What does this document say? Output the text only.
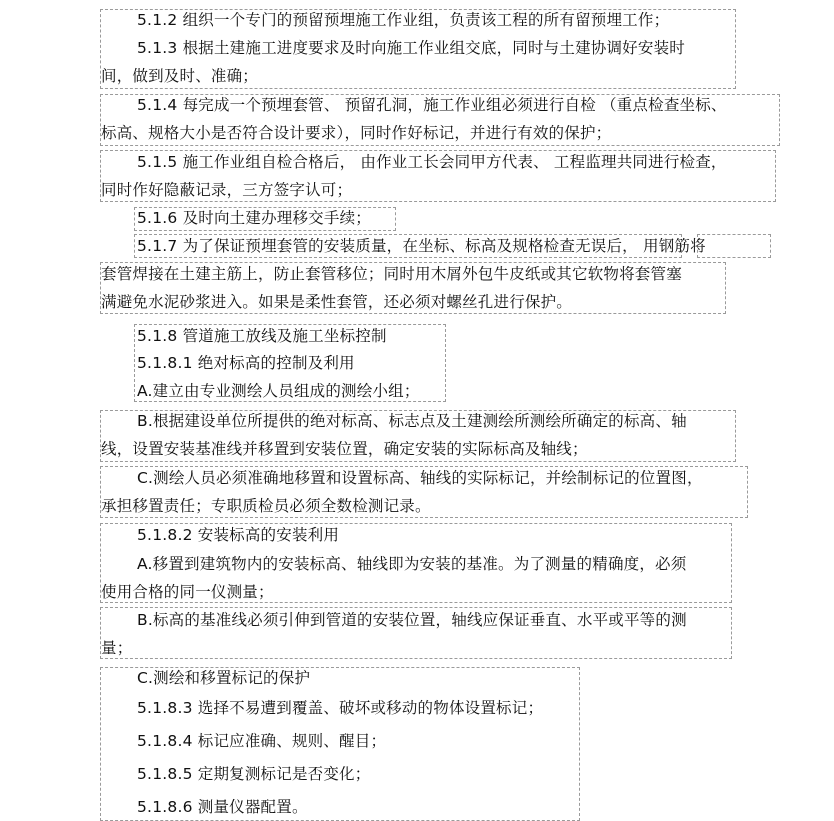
5.1.2 组织一个专门的预留预埋施工作业组，负责该工程的所有留预埋工作；
5.1.3 根据土建施工进度要求及时向施工作业组交底，同时与土建协调好安装时
间，做到及时、准确；
5.1.4 每完成一个预埋套管、 预留孔洞，施工作业组必须进行自检 （重点检查坐标、
标高、规格大小是否符合设计要求），同时作好标记，并进行有效的保护；
5.1.5 施工作业组自检合格后， 由作业工长会同甲方代表、 工程监理共同进行检查，
同时作好隐蔽记录，三方签字认可；
5.1.6 及时向土建办理移交手续；
5.1.7 为了保证预埋套管的安装质量，在坐标、标高及规格检查无误后， 用钢筋将
套管焊接在土建主筋上，防止套管移位；同时用木屑外包牛皮纸或其它软物将套管塞
满避免水泥砂浆进入。如果是柔性套管，还必须对螺丝孔进行保护。
5.1.8 管道施工放线及施工坐标控制
5.1.8.1 绝对标高的控制及利用
A.建立由专业测绘人员组成的测绘小组；
B.根据建设单位所提供的绝对标高、标志点及土建测绘所测绘所确定的标高、轴
线，设置安装基准线并移置到安装位置，确定安装的实际标高及轴线；
C.测绘人员必须准确地移置和设置标高、轴线的实际标记，并绘制标记的位置图，
承担移置责任；专职质检员必须全数检测记录。
5.1.8.2 安装标高的安装利用
A.移置到建筑物内的安装标高、轴线即为安装的基准。为了测量的精确度，必须
使用合格的同一仪测量；
B.标高的基准线必须引伸到管道的安装位置，轴线应保证垂直、水平或平等的测
量；
C.测绘和移置标记的保护
5.1.8.3 选择不易遭到覆盖、破坏或移动的物体设置标记；
5.1.8.4 标记应准确、规则、醒目；
5.1.8.5 定期复测标记是否变化；
5.1.8.6 测量仪器配置。
